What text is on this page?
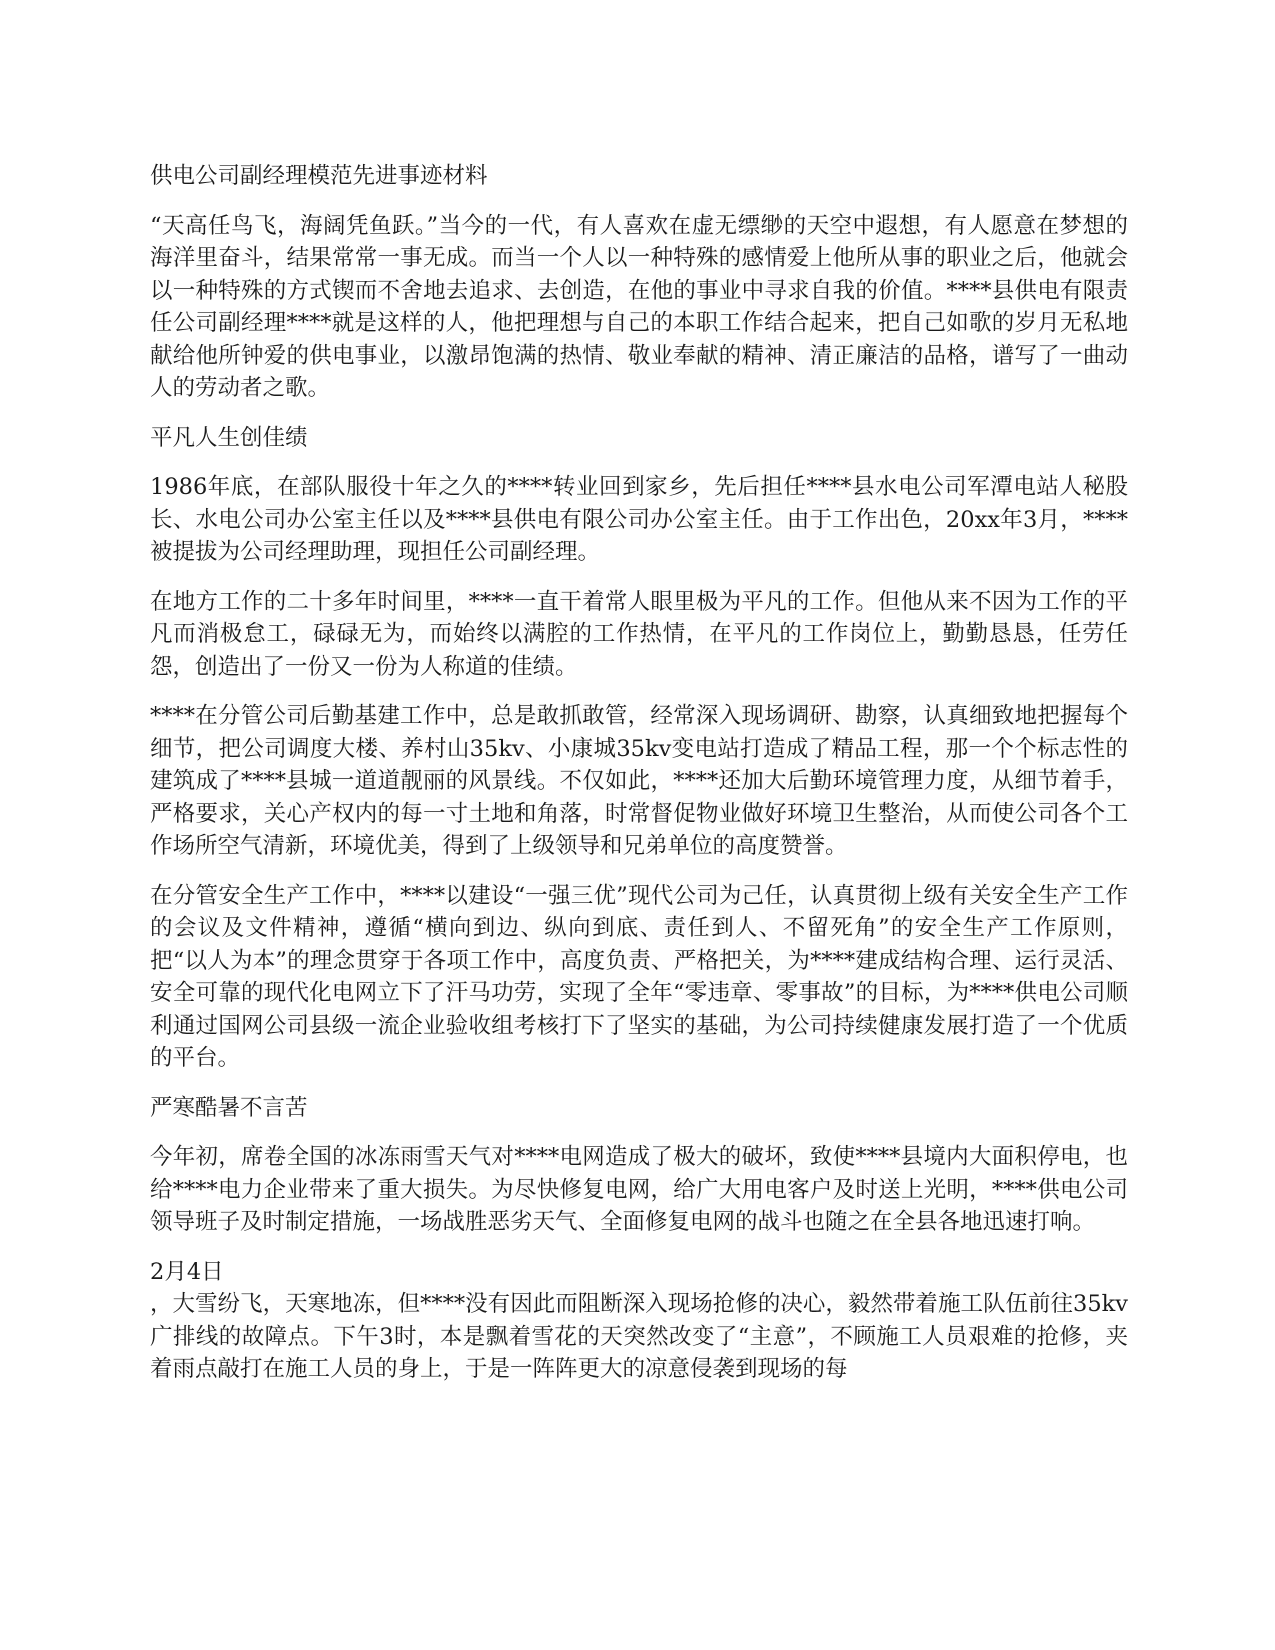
供电公司副经理模范先进事迹材料

“天高任鸟飞，海阔凭鱼跃。”当今的一代，有人喜欢在虚无缥缈的天空中遐想，有人愿意在梦想的海洋里奋斗，结果常常一事无成。而当一个人以一种特殊的感情爱上他所从事的职业之后，他就会以一种特殊的方式锲而不舍地去追求、去创造，在他的事业中寻求自我的价值。****县供电有限责任公司副经理****就是这样的人，他把理想与自己的本职工作结合起来，把自己如歌的岁月无私地献给他所钟爱的供电事业，以激昂饱满的热情、敬业奉献的精神、清正廉洁的品格，谱写了一曲动人的劳动者之歌。

平凡人生创佳绩

1986年底，在部队服役十年之久的****转业回到家乡，先后担任****县水电公司军潭电站人秘股长、水电公司办公室主任以及****县供电有限公司办公室主任。由于工作出色，20xx年3月，****被提拔为公司经理助理，现担任公司副经理。

在地方工作的二十多年时间里，****一直干着常人眼里极为平凡的工作。但他从来不因为工作的平凡而消极怠工，碌碌无为，而始终以满腔的工作热情，在平凡的工作岗位上，勤勤恳恳，任劳任怨，创造出了一份又一份为人称道的佳绩。

****在分管公司后勤基建工作中，总是敢抓敢管，经常深入现场调研、勘察，认真细致地把握每个细节，把公司调度大楼、养村山35kv、小康城35kv变电站打造成了精品工程，那一个个标志性的建筑成了****县城一道道靓丽的风景线。不仅如此，****还加大后勤环境管理力度，从细节着手，严格要求，关心产权内的每一寸土地和角落，时常督促物业做好环境卫生整治，从而使公司各个工作场所空气清新，环境优美，得到了上级领导和兄弟单位的高度赞誉。

在分管安全生产工作中，****以建设“一强三优”现代公司为己任，认真贯彻上级有关安全生产工作的会议及文件精神，遵循“横向到边、纵向到底、责任到人、不留死角”的安全生产工作原则，把“以人为本”的理念贯穿于各项工作中，高度负责、严格把关，为****建成结构合理、运行灵活、安全可靠的现代化电网立下了汗马功劳，实现了全年“零违章、零事故”的目标，为****供电公司顺利通过国网公司县级一流企业验收组考核打下了坚实的基础，为公司持续健康发展打造了一个优质的平台。

严寒酷暑不言苦

今年初，席卷全国的冰冻雨雪天气对****电网造成了极大的破坏，致使****县境内大面积停电，也给****电力企业带来了重大损失。为尽快修复电网，给广大用电客户及时送上光明，****供电公司领导班子及时制定措施，一场战胜恶劣天气、全面修复电网的战斗也随之在全县各地迅速打响。

2月4日

，大雪纷飞，天寒地冻，但****没有因此而阻断深入现场抢修的决心，毅然带着施工队伍前往35kv广排线的故障点。下午3时，本是飘着雪花的天突然改变了“主意”，不顾施工人员艰难的抢修，夹着雨点敲打在施工人员的身上，于是一阵阵更大的凉意侵袭到现场的每
